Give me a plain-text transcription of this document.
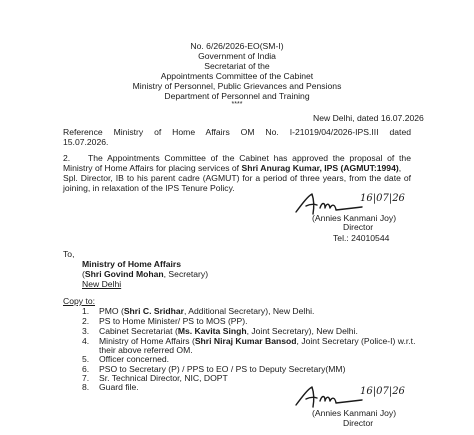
No. 6/26/2026-EO(SM-I)
Government of India
Secretariat of the
Appointments Committee of the Cabinet
Ministry of Personnel, Public Grievances and Pensions
Department of Personnel and Training
****
New Delhi, dated 16.07.2026
Reference Ministry of Home Affairs OM No. I-21019/04/2026-IPS.III dated
15.07.2026.
2. The Appointments Committee of the Cabinet has approved the proposal of the
Ministry of Home Affairs for placing services of Shri Anurag Kumar, IPS (AGMUT:1994),
Spl. Director, IB to his parent cadre (AGMUT) for a period of three years, from the date of
joining, in relaxation of the IPS Tenure Policy.
16|07|26
(Annies Kanmani Joy)
Director
Tel.: 24010544
To,
Ministry of Home Affairs
(Shri Govind Mohan, Secretary)
New Delhi
Copy to:
1. PMO (Shri C. Sridhar, Additional Secretary), New Delhi.
2. PS to Home Minister/ PS to MOS (PP).
3. Cabinet Secretariat (Ms. Kavita Singh, Joint Secretary), New Delhi.
4. Ministry of Home Affairs (Shri Niraj Kumar Bansod, Joint Secretary (Police-I) w.r.t.
their above referred OM.
5. Officer concerned.
6. PSO to Secretary (P) / PPS to EO / PS to Deputy Secretary(MM)
7. Sr. Technical Director, NIC, DOPT
8. Guard file.	16|07|26
(Annies Kanmani Joy)
Director
